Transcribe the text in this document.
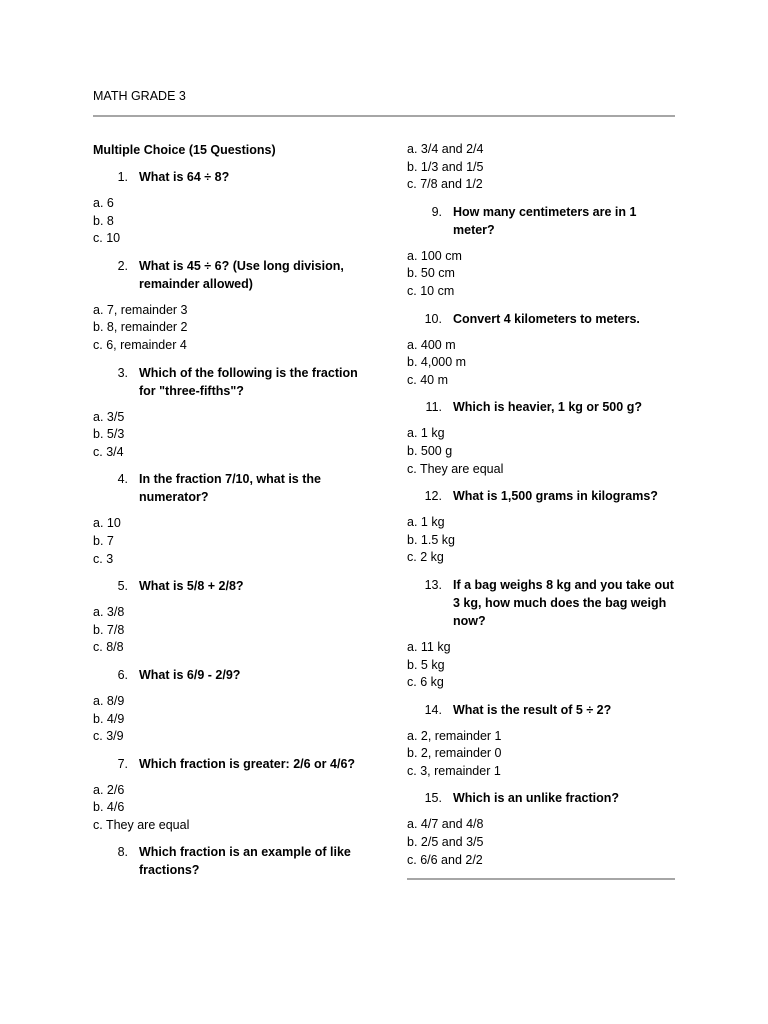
MATH GRADE 3
Multiple Choice (15 Questions)
1. What is 64 ÷ 8?
a. 6
b. 8
c. 10
2. What is 45 ÷ 6? (Use long division, remainder allowed)
a. 7, remainder 3
b. 8, remainder 2
c. 6, remainder 4
3. Which of the following is the fraction for "three-fifths"?
a. 3/5
b. 5/3
c. 3/4
4. In the fraction 7/10, what is the numerator?
a. 10
b. 7
c. 3
5. What is 5/8 + 2/8?
a. 3/8
b. 7/8
c. 8/8
6. What is 6/9 - 2/9?
a. 8/9
b. 4/9
c. 3/9
7. Which fraction is greater: 2/6 or 4/6?
a. 2/6
b. 4/6
c. They are equal
8. Which fraction is an example of like fractions?
a. 3/4 and 2/4
b. 1/3 and 1/5
c. 7/8 and 1/2
9. How many centimeters are in 1 meter?
a. 100 cm
b. 50 cm
c. 10 cm
10. Convert 4 kilometers to meters.
a. 400 m
b. 4,000 m
c. 40 m
11. Which is heavier, 1 kg or 500 g?
a. 1 kg
b. 500 g
c. They are equal
12. What is 1,500 grams in kilograms?
a. 1 kg
b. 1.5 kg
c. 2 kg
13. If a bag weighs 8 kg and you take out 3 kg, how much does the bag weigh now?
a. 11 kg
b. 5 kg
c. 6 kg
14. What is the result of 5 ÷ 2?
a. 2, remainder 1
b. 2, remainder 0
c. 3, remainder 1
15. Which is an unlike fraction?
a. 4/7 and 4/8
b. 2/5 and 3/5
c. 6/6 and 2/2
